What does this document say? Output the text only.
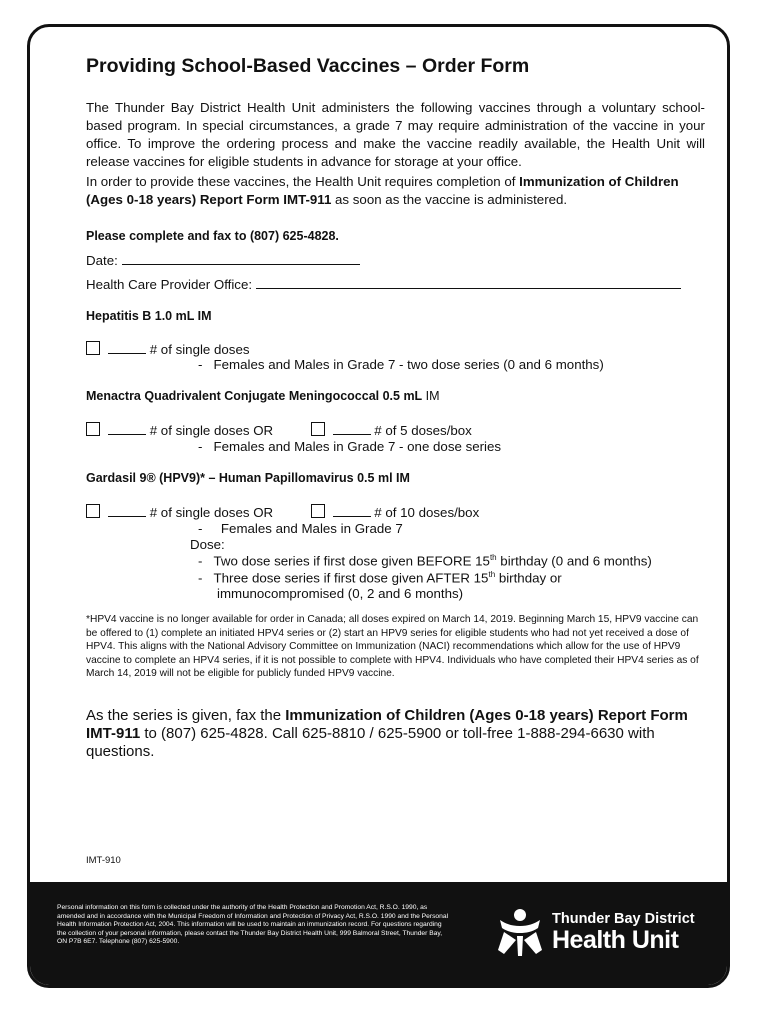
Providing School-Based Vaccines – Order Form
The Thunder Bay District Health Unit administers the following vaccines through a voluntary school-based program. In special circumstances, a grade 7 may require administration of the vaccine in your office. To improve the ordering process and make the vaccine readily available, the Health Unit will release vaccines for eligible students in advance for storage at your office.
In order to provide these vaccines, the Health Unit requires completion of Immunization of Children (Ages 0-18 years) Report Form IMT-911 as soon as the vaccine is administered.
Please complete and fax to (807) 625-4828.
Date:
Health Care Provider Office:
Hepatitis B 1.0 mL IM
# of single doses
- Females and Males in Grade 7 - two dose series (0 and 6 months)
Menactra Quadrivalent Conjugate Meningococcal 0.5 mL IM
# of single doses OR	# of 5 doses/box
- Females and Males in Grade 7 - one dose series
Gardasil 9® (HPV9)* – Human Papillomavirus 0.5 ml IM
# of single doses OR	# of 10 doses/box
- Females and Males in Grade 7
Dose:
- Two dose series if first dose given BEFORE 15th birthday (0 and 6 months)
- Three dose series if first dose given AFTER 15th birthday or
immunocompromised (0, 2 and 6 months)
*HPV4 vaccine is no longer available for order in Canada; all doses expired on March 14, 2019. Beginning March 15, HPV9 vaccine can be offered to (1) complete an initiated HPV4 series or (2) start an HPV9 series for eligible students who had not yet received a dose of HPV4. This aligns with the National Advisory Committee on Immunization (NACI) recommendations which allow for the use of HPV9 vaccine to complete an HPV4 series, if it is not possible to complete with HPV4. Individuals who have completed their HPV4 series as of March 14, 2019 will not be eligible for publicly funded HPV9 vaccine.
As the series is given, fax the Immunization of Children (Ages 0-18 years) Report Form IMT-911 to (807) 625-4828. Call 625-8810 / 625-5900 or toll-free 1-888-294-6630 with questions.
IMT-910
Personal information on this form is collected under the authority of the Health Protection and Promotion Act, R.S.O. 1990, as amended and in accordance with the Municipal Freedom of Information and Protection of Privacy Act, R.S.O. 1990 and the Personal Health Information Protection Act, 2004. This information will be used to maintain an immunization record. For questions regarding the collection of your personal information, please contact the Thunder Bay District Health Unit, 999 Balmoral Street, Thunder Bay, ON P7B 6E7. Telephone (807) 625-5900.
Thunder Bay District
Health Unit
